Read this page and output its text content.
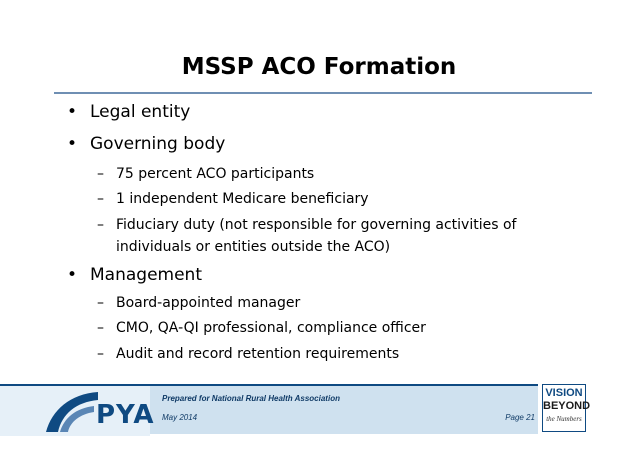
MSSP ACO Formation
• Legal entity
• Governing body
– 75 percent ACO participants
– 1 independent Medicare beneficiary
– Fiduciary duty (not responsible for governing activities of
individuals or entities outside the ACO)
• Management
– Board-appointed manager
– CMO, QA-QI professional, compliance officer
– Audit and record retention requirements
PYA
Prepared for National Rural Health Association
May 2014	Page 21
VISION
BEYOND
the Numbers
